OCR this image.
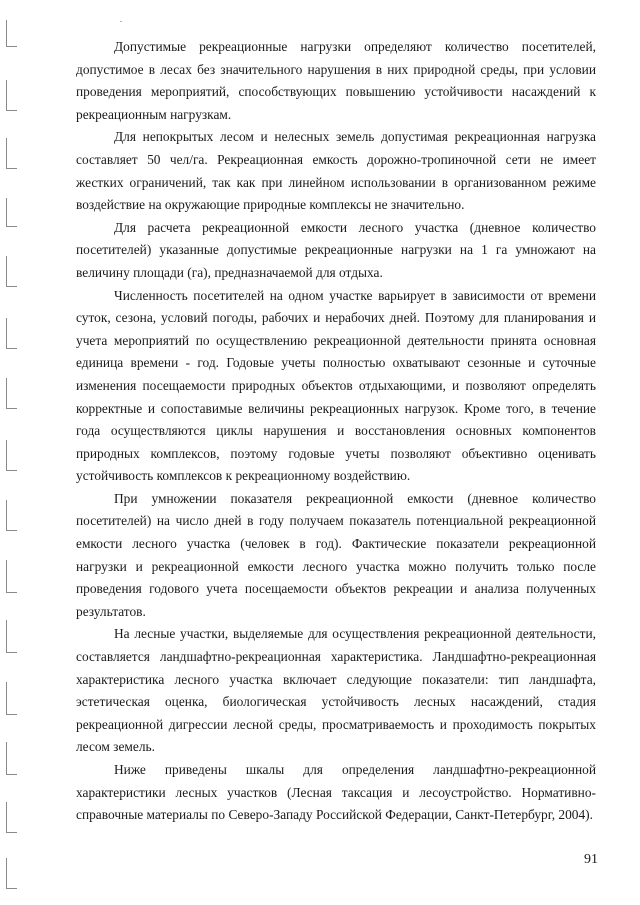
Допустимые рекреационные нагрузки определяют количество посетителей, допустимое в лесах без значительного нарушения в них природной среды, при условии проведения мероприятий, способствующих повышению устойчивости насаждений к рекреационным нагрузкам.

Для непокрытых лесом и нелесных земель допустимая рекреационная нагрузка составляет 50 чел/га. Рекреационная емкость дорожно-тропиночной сети не имеет жестких ограничений, так как при линейном использовании в организованном режиме воздействие на окружающие природные комплексы не значительно.

Для расчета рекреационной емкости лесного участка (дневное количество посетителей) указанные допустимые рекреационные нагрузки на 1 га умножают на величину площади (га), предназначаемой для отдыха.

Численность посетителей на одном участке варьирует в зависимости от времени суток, сезона, условий погоды, рабочих и нерабочих дней. Поэтому для планирования и учета мероприятий по осуществлению рекреационной деятельности принята основная единица времени - год. Годовые учеты полностью охватывают сезонные и суточные изменения посещаемости природных объектов отдыхающими, и позволяют определять корректные и сопоставимые величины рекреационных нагрузок. Кроме того, в течение года осуществляются циклы нарушения и восстановления основных компонентов природных комплексов, поэтому годовые учеты позволяют объективно оценивать устойчивость комплексов к рекреационному воздействию.

При умножении показателя рекреационной емкости (дневное количество посетителей) на число дней в году получаем показатель потенциальной рекреационной емкости лесного участка (человек в год). Фактические показатели рекреационной нагрузки и рекреационной емкости лесного участка можно получить только после проведения годового учета посещаемости объектов рекреации и анализа полученных результатов.

На лесные участки, выделяемые для осуществления рекреационной деятельности, составляется ландшафтно-рекреационная характеристика. Ландшафтно-рекреационная характеристика лесного участка включает следующие показатели: тип ландшафта, эстетическая оценка, биологическая устойчивость лесных насаждений, стадия рекреационной дигрессии лесной среды, просматриваемость и проходимость покрытых лесом земель.

Ниже приведены шкалы для определения ландшафтно-рекреационной характеристики лесных участков (Лесная таксация и лесоустройство. Нормативно-справочные материалы по Северо-Западу Российской Федерации, Санкт-Петербург, 2004).

91
